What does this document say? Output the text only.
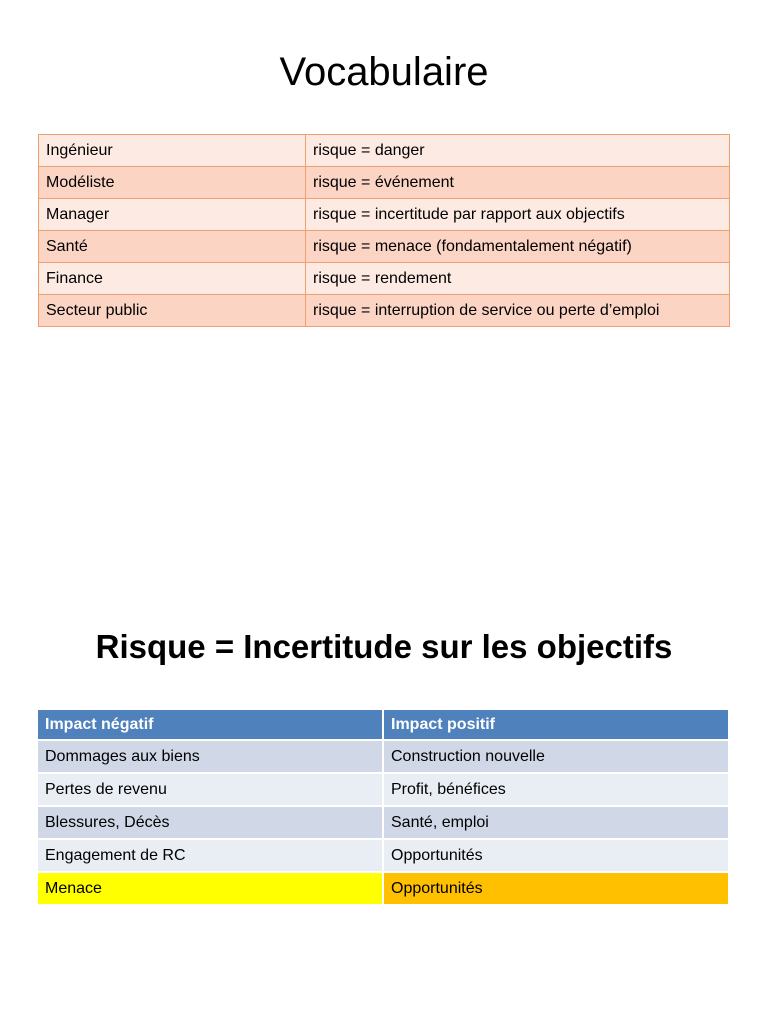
Vocabulaire
Ingénieur	risque = danger
Modéliste	risque = événement
Manager	risque = incertitude par rapport aux objectifs
Santé	risque = menace (fondamentalement négatif)
Finance	risque = rendement
Secteur public	risque = interruption de service ou perte d’emploi
Risque = Incertitude sur les objectifs
Impact négatif	Impact positif
Dommages aux biens	Construction nouvelle
Pertes de revenu	Profit, bénéfices
Blessures, Décès	Santé, emploi
Engagement de RC	Opportunités
Menace	Opportunités
